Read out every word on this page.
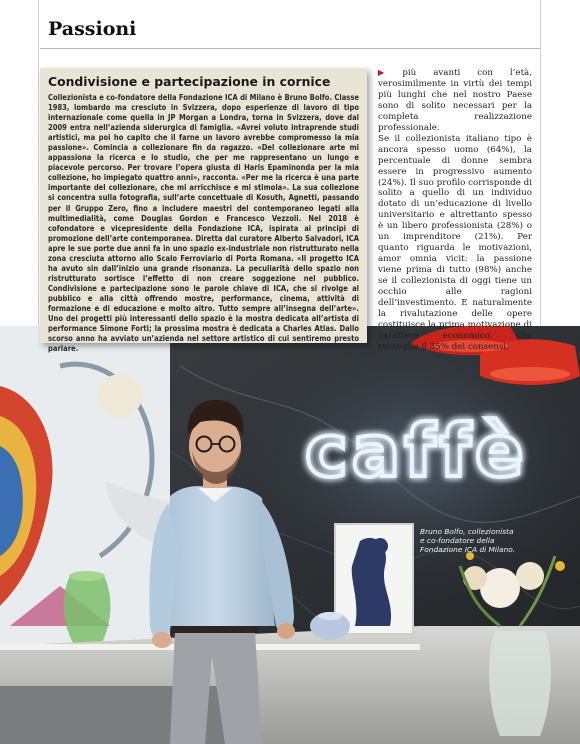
Passioni
caffè
Bruno Bolfo, collezionista e co-fondatore della Fondazione ICA di Milano.
Condivisione e partecipazione in cornice
Collezionista e co-fondatore della Fondazione ICA di Milano è Bruno Bolfo. Classe 1983, lombardo ma cresciuto in Svizzera, dopo esperienze di lavoro di tipo internazionale come quella in JP Morgan a Londra, torna in Svizzera, dove dal 2009 entra nell’azienda siderurgica di famiglia. «Avrei voluto intraprende studi artistici, ma poi ho capito che il farne un lavoro avrebbe compromesso la mia passione». Comincia a collezionare fin da ragazzo. «Del collezionare arte mi appassiona la ricerca e lo studio, che per me rappresentano un lungo e piacevole percorso. Per trovare l’opera giusta di Haris Epaminonda per la mia collezione, ho impiegato quattro anni», racconta. «Per me la ricerca è una parte importante del collezionare, che mi arricchisce e mi stimola». La sua collezione si concentra sulla fotografia, sull’arte concettuale di Kosuth, Agnetti, passando per il Gruppo Zero, fino a includere maestri del contemporaneo legati alla multimedialità, come Douglas Gordon e Francesco Vezzoli. Nel 2018 è cofondatore e vicepresidente della Fondazione ICA, ispirata ai principi di promozione dell’arte contemporanea. Diretta dal curatore Alberto Salvadori, ICA apre le sue porte due anni fa in uno spazio ex-industriale non ristrutturato nella zona cresciuta attorno allo Scalo Ferroviario di Porta Romana. «Il progetto ICA ha avuto sin dall’inizio una grande risonanza. La peculiarità dello spazio non ristrutturato sortisce l’effetto di non creare soggezione nel pubblico. Condivisione e partecipazione sono le parole chiave di ICA, che si rivolge al pubblico e alla città offrendo mostre, performance, cinema, attività di formazione e di educazione e molto altro. Tutto sempre all’insegna dell’arte». Uno dei progetti più interessanti dello spazio è la mostra dedicata all’artista di performance Simone Forti; la prossima mostra è dedicata a Charles Atlas. Dallo scorso anno ha avviato un’azienda nel settore artistico di cui sentiremo presto parlare.

▶ più avanti con l’età, verosimilmente in virtù dei tempi più lunghi che nel nostro Paese sono di solito necessari per la completa realizzazione professionale.

Se il collezionista italiano tipo è ancora spesso uomo (64%), la percentuale di donne sembra essere in progressivo aumento (24%). Il suo profilo corrisponde di solito a quello di un individuo dotato di un’educazione di livello universitario e altrettanto spesso è un libero professionista (28%) o un imprenditore (21%). Per quanto riguarda le motivazioni, amor omnia vicit: la passione viene prima di tutto (98%) anche se il collezionista di oggi tiene un occhio alle ragioni dell’investimento. E naturalmente la rivalutazione delle opere costituisce la prima motivazione di carattere economico, che raccoglie il 35% dei consensi.
